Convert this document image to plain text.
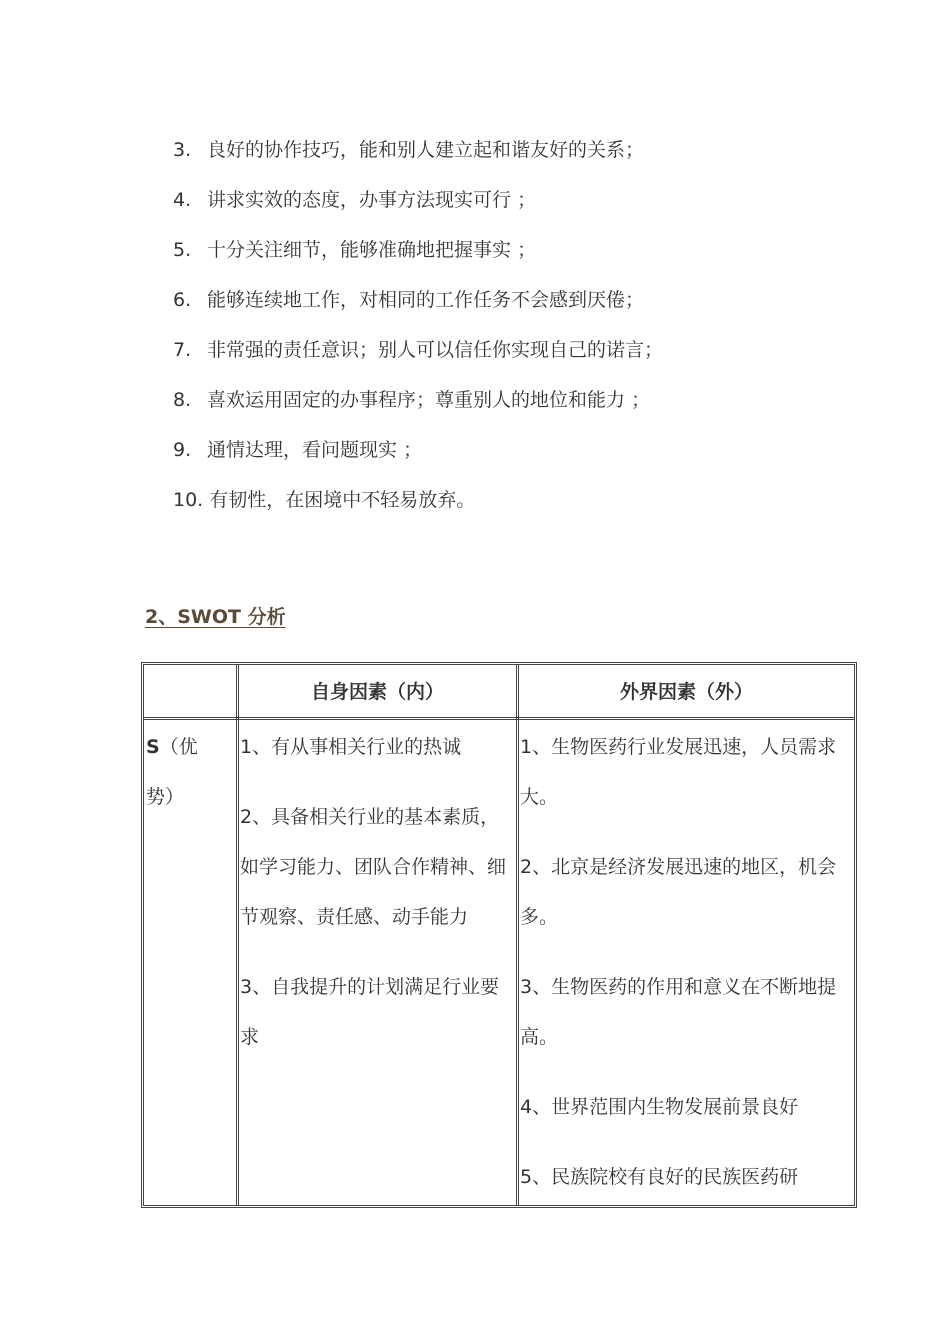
3. 良好的协作技巧，能和别人建立起和谐友好的关系；
4. 讲求实效的态度，办事方法现实可行 ；
5. 十分关注细节，能够准确地把握事实 ；
6. 能够连续地工作，对相同的工作任务不会感到厌倦；
7. 非常强的责任意识；别人可以信任你实现自己的诺言；
8. 喜欢运用固定的办事程序；尊重别人的地位和能力 ；
9. 通情达理，看问题现实 ；
10. 有韧性，在困境中不轻易放弃。
2、SWOT 分析
自身因素（内）	外界因素（外）
S（优
势）

1、有从事相关行业的热诚

2、具备相关行业的基本素质，如学习能力、团队合作精神、细节观察、责任感、动手能力

3、自我提升的计划满足行业要求

1、生物医药行业发展迅速，人员需求大。

2、北京是经济发展迅速的地区，机会多。

3、生物医药的作用和意义在不断地提高。

4、世界范围内生物发展前景良好

5、民族院校有良好的民族医药研
